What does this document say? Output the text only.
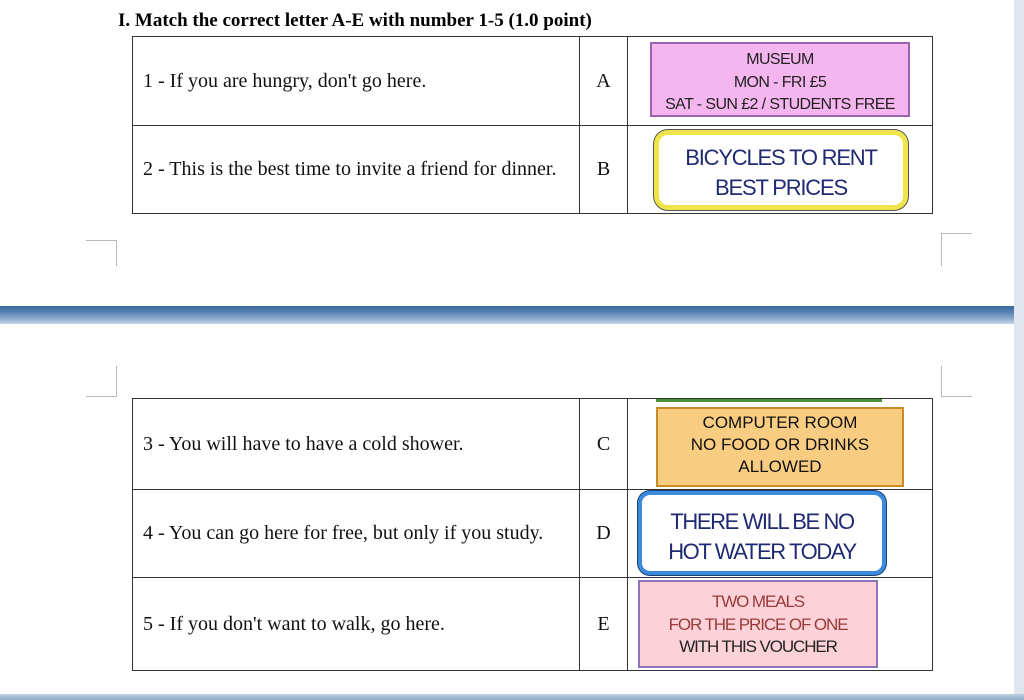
I. Match the correct letter A-E with number 1-5 (1.0 point)
1 - If you are hungry, don't go here.	A	MUSEUM
MON - FRI £5
SAT - SUN £2 / STUDENTS FREE

2 - This is the best time to invite a friend for dinner.	B	BICYCLES TO RENT
BEST PRICES
3 - You will have to have a cold shower.	C	COMPUTER ROOM
NO FOOD OR DRINKS
ALLOWED

4 - You can go here for free, but only if you study.	D	THERE WILL BE NO
HOT WATER TODAY

5 - If you don't want to walk, go here.	E	TWO MEALS
FOR THE PRICE OF ONE
WITH THIS VOUCHER
